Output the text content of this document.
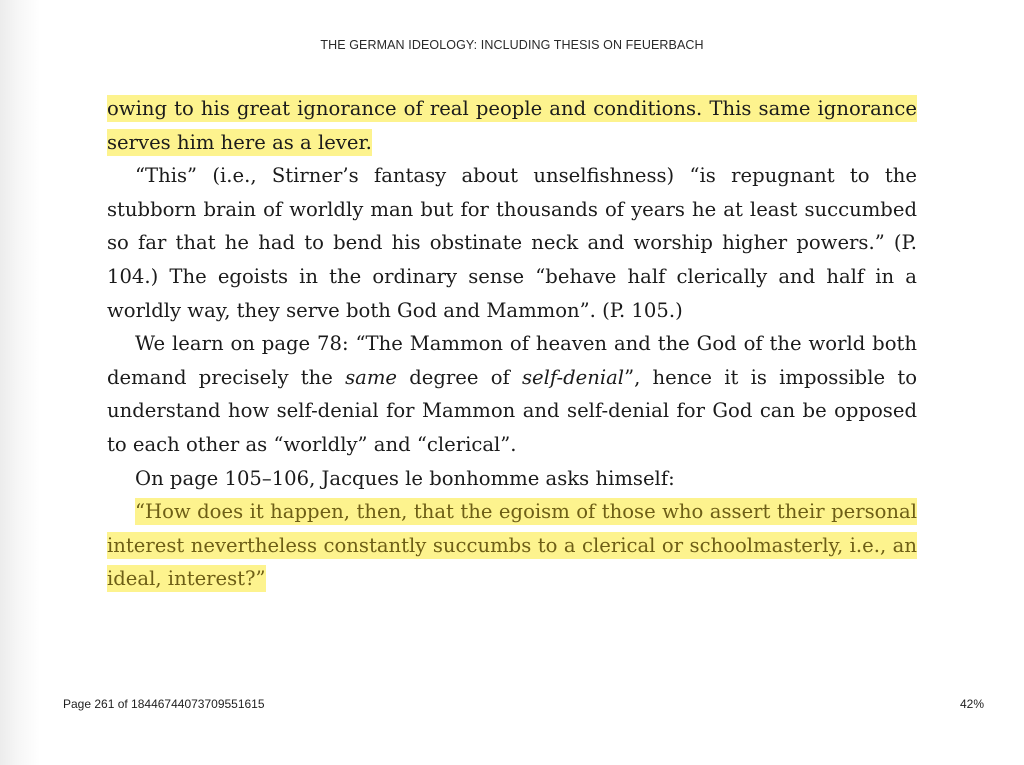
THE GERMAN IDEOLOGY: INCLUDING THESIS ON FEUERBACH

owing to his great ignorance of real people and conditions. This same ignorance serves him here as a lever.

“This” (i.e., Stirner’s fantasy about unselfishness) “is repugnant to the stubborn brain of worldly man but for thousands of years he at least succumbed so far that he had to bend his obstinate neck and worship higher powers.” (P. 104.) The egoists in the ordinary sense “behave half clerically and half in a worldly way, they serve both God and Mammon”. (P. 105.)

We learn on page 78: “The Mammon of heaven and the God of the world both demand precisely the same degree of self-denial”, hence it is impossible to understand how self-denial for Mammon and self-denial for God can be opposed to each other as “worldly” and “clerical”.

On page 105–106, Jacques le bonhomme asks himself:

“How does it happen, then, that the egoism of those who assert their personal interest nevertheless constantly succumbs to a clerical or schoolmasterly, i.e., an ideal, interest?”

Page 261 of 18446744073709551615	42%
